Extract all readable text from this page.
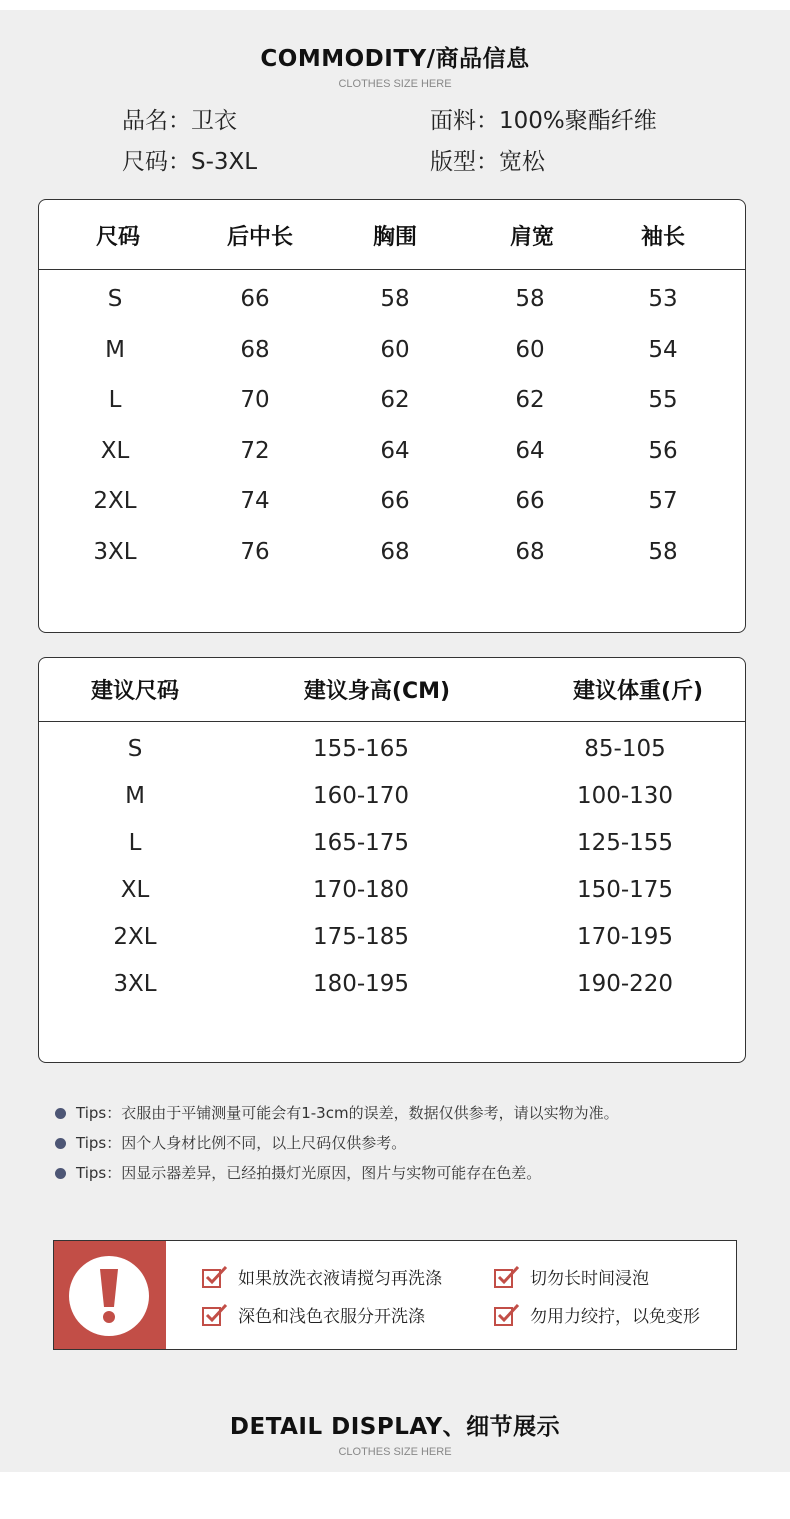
COMMODITY/商品信息
CLOTHES SIZE HERE
品名：卫衣	面料：100%聚酯纤维
尺码：S-3XL	版型：宽松
尺码	后中长	胸围	肩宽	袖长
S	66	58	58	53
M	68	60	60	54
L	70	62	62	55
XL	72	64	64	56
2XL	74	66	66	57
3XL	76	68	68	58
建议尺码	建议身高(CM)	建议体重(斤)
S	155-165	85-105
M	160-170	100-130
L	165-175	125-155
XL	170-180	150-175
2XL	175-185	170-195
3XL	180-195	190-220
Tips：衣服由于平铺测量可能会有1-3cm的误差，数据仅供参考，请以实物为准。
Tips：因个人身材比例不同，以上尺码仅供参考。
Tips：因显示器差异，已经拍摄灯光原因，图片与实物可能存在色差。
如果放洗衣液请搅匀再洗涤	切勿长时间浸泡
深色和浅色衣服分开洗涤	勿用力绞拧，以免变形
DETAIL DISPLAY、细节展示
CLOTHES SIZE HERE
